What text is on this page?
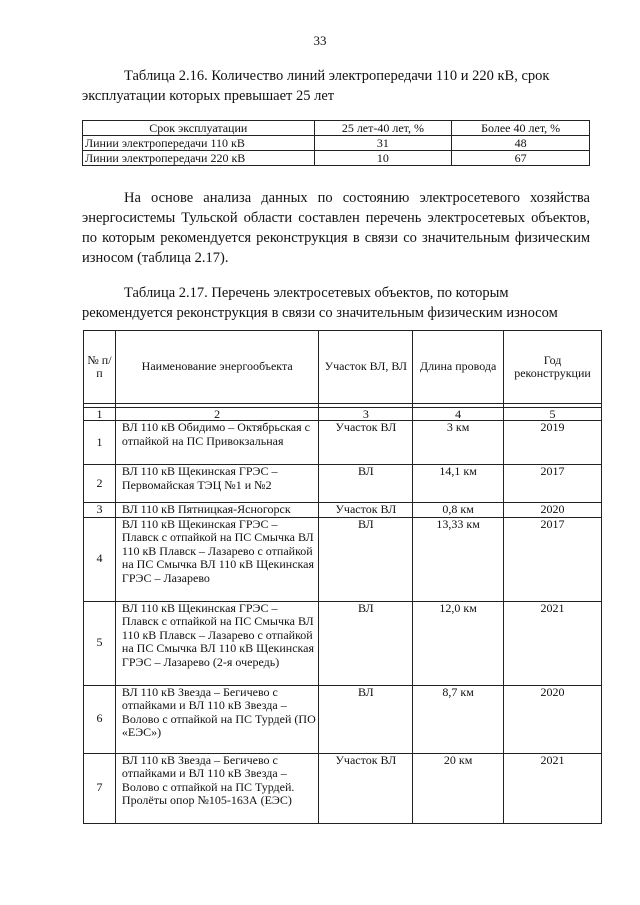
33
Таблица 2.16. Количество линий электропередачи 110 и 220 кВ, срок
эксплуатации которых превышает 25 лет
Срок эксплуатации	25 лет-40 лет, %	Более 40 лет, %
Линии электропередачи 110 кВ	31	48
Линии электропередачи 220 кВ	10	67
На основе анализа данных по состоянию электросетевого хозяйства энергосистемы Тульской области составлен перечень электросетевых объектов, по которым рекомендуется реконструкция в связи со значительным физическим износом (таблица 2.17).
Таблица 2.17. Перечень электросетевых объектов, по которым
рекомендуется реконструкция в связи со значительным физическим износом
№ п/п	Наименование энергообъекта	Участок ВЛ, ВЛ	Длина провода	Год реконструкции

1	2	3	4	5
1	ВЛ 110 кВ Обидимо – Октябрьская с отпайкой на ПС Привокзальная	Участок ВЛ	3 км	2019
2	ВЛ 110 кВ Щекинская ГРЭС – Первомайская ТЭЦ №1 и №2	ВЛ	14,1 км	2017
3	ВЛ 110 кВ Пятницкая-Ясногорск	Участок ВЛ	0,8 км	2020
4	ВЛ 110 кВ Щекинская ГРЭС – Плавск с отпайкой на ПС Смычка ВЛ 110 кВ Плавск – Лазарево с отпайкой на ПС Смычка ВЛ 110 кВ Щекинская ГРЭС – Лазарево	ВЛ	13,33 км	2017
5	ВЛ 110 кВ Щекинская ГРЭС – Плавск с отпайкой на ПС Смычка ВЛ 110 кВ Плавск – Лазарево с отпайкой на ПС Смычка ВЛ 110 кВ Щекинская ГРЭС – Лазарево (2-я очередь)	ВЛ	12,0 км	2021
6	ВЛ 110 кВ Звезда – Бегичево с отпайками и ВЛ 110 кВ Звезда – Волово с отпайкой на ПС Турдей (ПО «ЕЭС»)	ВЛ	8,7 км	2020
7	ВЛ 110 кВ Звезда – Бегичево с отпайками и ВЛ 110 кВ Звезда – Волово с отпайкой на ПС Турдей. Пролёты опор №105-163А (ЕЭС)	Участок ВЛ	20 км	2021
